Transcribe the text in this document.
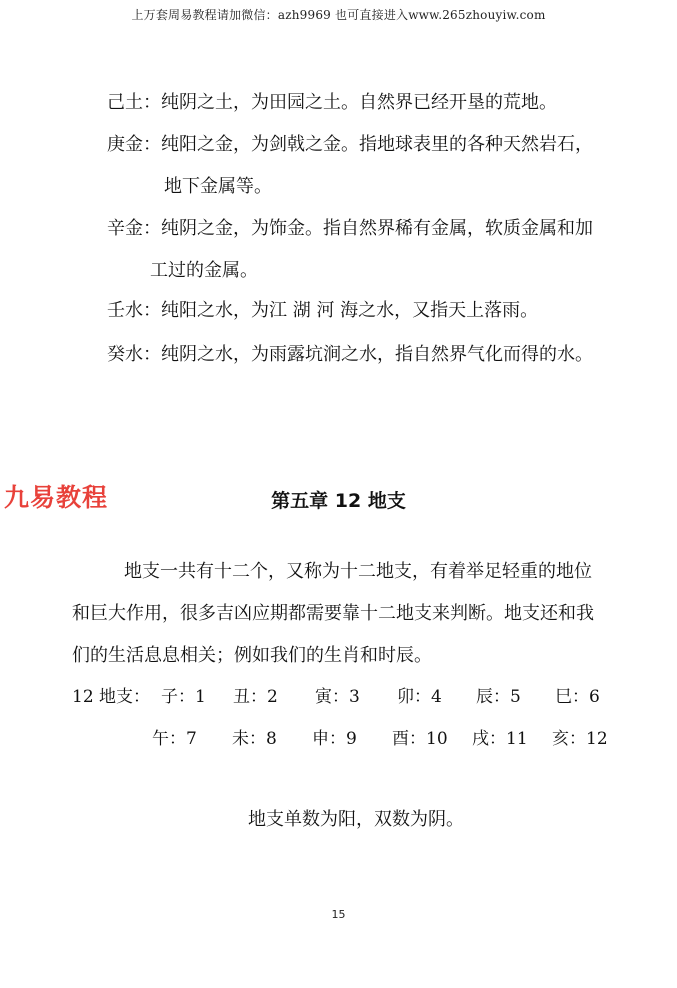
上万套周易教程请加微信：azh9969 也可直接进入www.265zhouyiw.com
己土：纯阴之土，为田园之土。自然界已经开垦的荒地。
庚金：纯阳之金，为剑戟之金。指地球表里的各种天然岩石，
地下金属等。
辛金：纯阴之金，为饰金。指自然界稀有金属，软质金属和加
工过的金属。
壬水：纯阳之水，为江 湖 河 海之水，又指天上落雨。
癸水：纯阴之水，为雨露坑涧之水，指自然界气化而得的水。
九易教程	第五章 12 地支
地支一共有十二个，又称为十二地支，有着举足轻重的地位
和巨大作用，很多吉凶应期都需要靠十二地支来判断。地支还和我
们的生活息息相关；例如我们的生肖和时辰。
12 地支： 子：1 丑：2 寅：3 卯：4 辰：5 巳：6
午：7 未：8 申：9 酉：10 戌：11 亥：12
地支单数为阳，双数为阴。
15
